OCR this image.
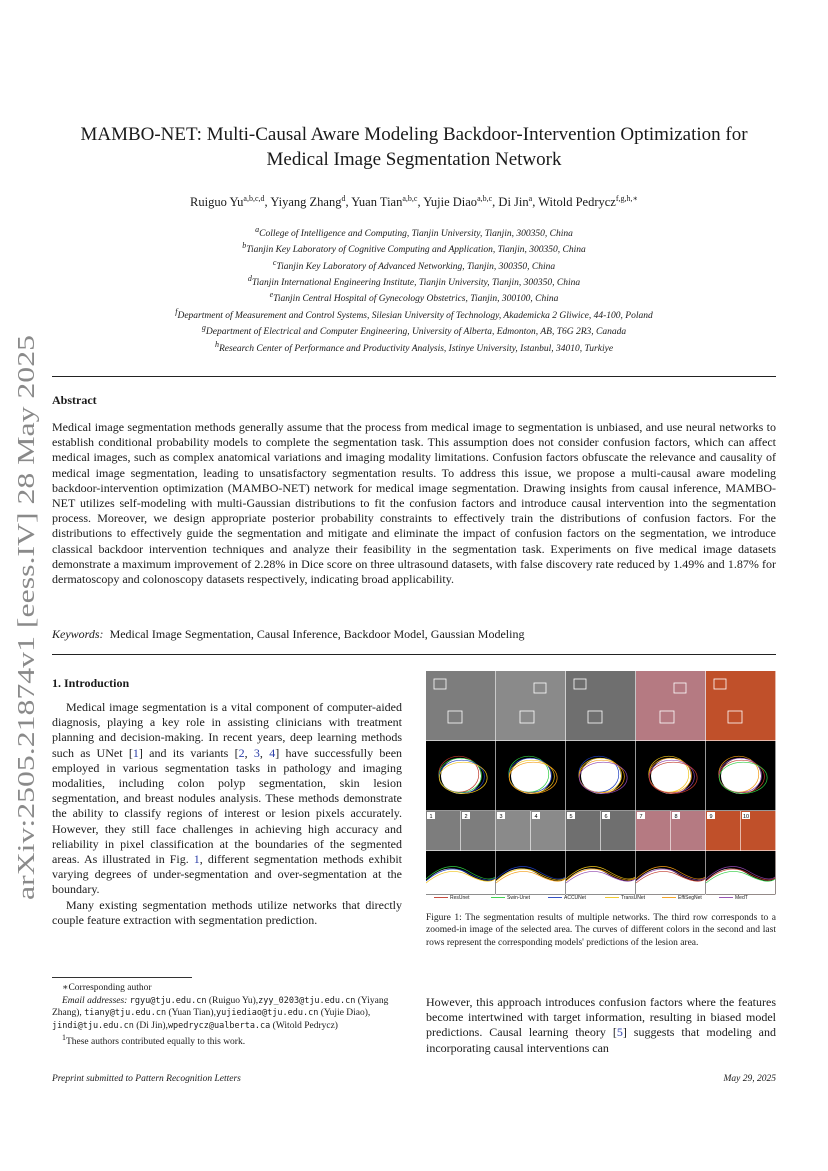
arXiv:2505.21874v1 [eess.IV] 28 May 2025
MAMBO-NET: Multi-Causal Aware Modeling Backdoor-Intervention Optimization for
Medical Image Segmentation Network
Ruiguo Yu$^{a,b,c,d}$, Yiyang Zhang$^d$, Yuan Tian$^{a,b,c}$, Yujie Diao$^{a,b,c}$, Di Jin$^a$, Witold Pedrycz$^{f,g,h,∗}$
$^a$College of Intelligence and Computing, Tianjin University, Tianjin, 300350, China
$^b$Tianjin Key Laboratory of Cognitive Computing and Application, Tianjin, 300350, China
$^c$Tianjin Key Laboratory of Advanced Networking, Tianjin, 300350, China
$^d$Tianjin International Engineering Institute, Tianjin University, Tianjin, 300350, China
$^e$Tianjin Central Hospital of Gynecology Obstetrics, Tianjin, 300100, China
$^f$Department of Measurement and Control Systems, Silesian University of Technology, Akademicka 2 Gliwice, 44-100, Poland
$^g$Department of Electrical and Computer Engineering, University of Alberta, Edmonton, AB, T6G 2R3, Canada
$^h$Research Center of Performance and Productivity Analysis, Istinye University, Istanbul, 34010, Turkiye
Abstract
Medical image segmentation methods generally assume that the process from medical image to segmentation is unbiased, and use neural networks to establish conditional probability models to complete the segmentation task. This assumption does not consider confusion factors, which can affect medical images, such as complex anatomical variations and imaging modality limitations. Confusion factors obfuscate the relevance and causality of medical image segmentation, leading to unsatisfactory segmentation results. To address this issue, we propose a multi-causal aware modeling backdoor-intervention optimization (MAMBO-NET) network for medical image segmentation. Drawing insights from causal inference, MAMBO-NET utilizes self-modeling with multi-Gaussian distributions to fit the confusion factors and introduce causal intervention into the segmentation process. Moreover, we design appropriate posterior probability constraints to effectively train the distributions of confusion factors. For the distributions to effectively guide the segmentation and mitigate and eliminate the impact of confusion factors on the segmentation, we introduce classical backdoor intervention techniques and analyze their feasibility in the segmentation task. Experiments on five medical image datasets demonstrate a maximum improvement of 2.28% in Dice score on three ultrasound datasets, with false discovery rate reduced by 1.49% and 1.87% for dermatoscopy and colonoscopy datasets respectively, indicating broad applicability.
Keywords: Medical Image Segmentation, Causal Inference, Backdoor Model, Gaussian Modeling
1. Introduction

Medical image segmentation is a vital component of computer-aided diagnosis, playing a key role in assisting clinicians with treatment planning and decision-making. In recent years, deep learning methods such as UNet [1] and its variants [2, 3, 4] have successfully been employed in various segmentation tasks in pathology and imaging modalities, including colon polyp segmentation, skin lesion segmentation, and breast nodules analysis. These methods demonstrate the ability to classify regions of interest or lesion pixels accurately. However, they still face challenges in achieving high accuracy and reliability in pixel classification at the boundaries of the segmented areas. As illustrated in Fig. 1, different segmentation methods exhibit varying degrees of under-segmentation and over-segmentation at the boundary.

Many existing segmentation methods utilize networks that directly couple feature extraction with segmentation prediction.

∗Corresponding author
Email addresses: rgyu@tju.edu.cn (Ruiguo Yu),zyy_0203@tju.edu.cn (Yiyang Zhang), tiany@tju.edu.cn (Yuan Tian),yujiediao@tju.edu.cn (Yujie Diao), jindi@tju.edu.cn (Di Jin),wpedrycz@ualberta.ca (Witold Pedrycz)
$^1$These authors contributed equally to this work.
1	2	3	4	5	6	7	8	9	10
ResUnet	Swin-Unet	ACCUNet	TransUNet	EffiSegNet	MedT
Figure 1: The segmentation results of multiple networks. The third row corresponds to a zoomed-in image of the selected area. The curves of different colors in the second and last rows represent the corresponding models' predictions of the lesion area.
However, this approach introduces confusion factors where the features become intertwined with target information, resulting in biased model predictions. Causal learning theory [5] suggests that modeling and incorporating causal interventions can
Preprint submitted to Pattern Recognition Letters	May 29, 2025
